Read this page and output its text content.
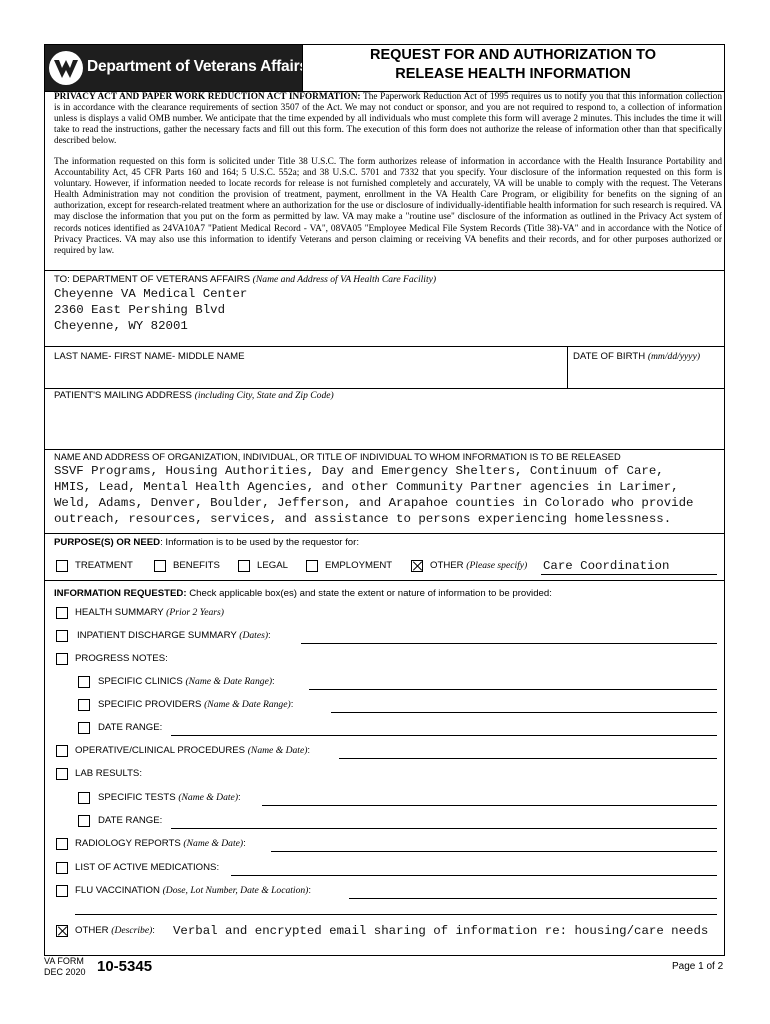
Department of Veterans Affairs
REQUEST FOR AND AUTHORIZATION TO
RELEASE HEALTH INFORMATION
PRIVACY ACT AND PAPER WORK REDUCTION ACT INFORMATION: The Paperwork Reduction Act of 1995 requires us to notify you that this information collection is in accordance with the clearance requirements of section 3507 of the Act. We may not conduct or sponsor, and you are not required to respond to, a collection of information unless is displays a valid OMB number. We anticipate that the time expended by all individuals who must complete this form will average 2 minutes. This includes the time it will take to read the instructions, gather the necessary facts and fill out this form. The execution of this form does not authorize the release of information other than that specifically described below.
The information requested on this form is solicited under Title 38 U.S.C. The form authorizes release of information in accordance with the Health Insurance Portability and Accountability Act, 45 CFR Parts 160 and 164; 5 U.S.C. 552a; and 38 U.S.C. 5701 and 7332 that you specify. Your disclosure of the information requested on this form is voluntary. However, if information needed to locate records for release is not furnished completely and accurately, VA will be unable to comply with the request. The Veterans Health Administration may not condition the provision of treatment, payment, enrollment in the VA Health Care Program, or eligibility for benefits on the signing of an authorization, except for research-related treatment where an authorization for the use or disclosure of individually-identifiable health information for such research is required. VA may disclose the information that you put on the form as permitted by law. VA may make a "routine use" disclosure of the information as outlined in the Privacy Act system of records notices identified as 24VA10A7 "Patient Medical Record - VA", 08VA05 "Employee Medical File System Records (Title 38)-VA" and in accordance with the Notice of Privacy Practices. VA may also use this information to identify Veterans and person claiming or receiving VA benefits and their records, and for other purposes authorized or required by law.
TO: DEPARTMENT OF VETERANS AFFAIRS (Name and Address of VA Health Care Facility)
Cheyenne VA Medical Center
2360 East Pershing Blvd
Cheyenne, WY 82001
LAST NAME- FIRST NAME- MIDDLE NAME	DATE OF BIRTH (mm/dd/yyyy)
PATIENT'S MAILING ADDRESS (including City, State and Zip Code)
NAME AND ADDRESS OF ORGANIZATION, INDIVIDUAL, OR TITLE OF INDIVIDUAL TO WHOM INFORMATION IS TO BE RELEASED
SSVF Programs, Housing Authorities, Day and Emergency Shelters, Continuum of Care,
HMIS, Lead, Mental Health Agencies, and other Community Partner agencies in Larimer,
Weld, Adams, Denver, Boulder, Jefferson, and Arapahoe counties in Colorado who provide
outreach, resources, services, and assistance to persons experiencing homelessness.
PURPOSE(S) OR NEED: Information is to be used by the requestor for:
TREATMENT	BENEFITS	LEGAL	EMPLOYMENT	OTHER (Please specify) Care Coordination
INFORMATION REQUESTED: Check applicable box(es) and state the extent or nature of information to be provided:
HEALTH SUMMARY (Prior 2 Years)
INPATIENT DISCHARGE SUMMARY (Dates):
PROGRESS NOTES:
SPECIFIC CLINICS (Name & Date Range):
SPECIFIC PROVIDERS (Name & Date Range):
DATE RANGE:
OPERATIVE/CLINICAL PROCEDURES (Name & Date):
LAB RESULTS:
SPECIFIC TESTS (Name & Date):
DATE RANGE:
RADIOLOGY REPORTS (Name & Date):
LIST OF ACTIVE MEDICATIONS:
FLU VACCINATION (Dose, Lot Number, Date & Location):
OTHER (Describe): Verbal and encrypted email sharing of information re: housing/care needs
VA FORM
DEC 2020 10-5345	Page 1 of 2
